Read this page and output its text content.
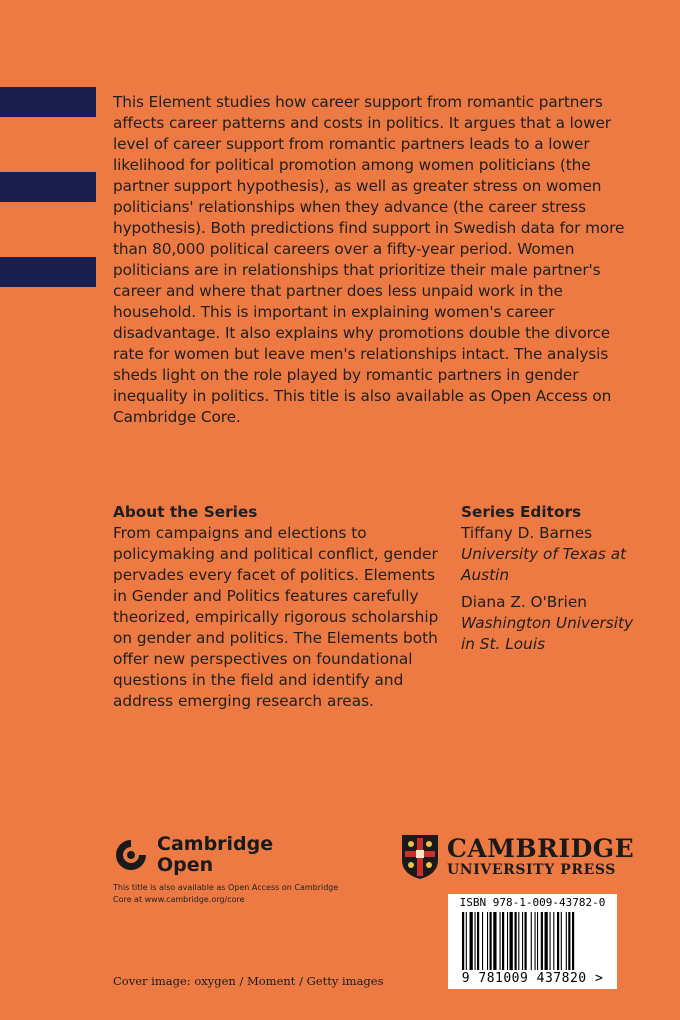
This Element studies how career support from romantic partners affects career patterns and costs in politics. It argues that a lower level of career support from romantic partners leads to a lower likelihood for political promotion among women politicians (the partner support hypothesis), as well as greater stress on women politicians' relationships when they advance (the career stress hypothesis). Both predictions find support in Swedish data for more than 80,000 political careers over a fifty-year period. Women politicians are in relationships that prioritize their male partner's career and where that partner does less unpaid work in the household. This is important in explaining women's career disadvantage. It also explains why promotions double the divorce rate for women but leave men's relationships intact. The analysis sheds light on the role played by romantic partners in gender inequality in politics. This title is also available as Open Access on Cambridge Core.
About the Series

From campaigns and elections to policymaking and political conflict, gender pervades every facet of politics. Elements in Gender and Politics features carefully theorized, empirically rigorous scholarship on gender and politics. The Elements both offer new perspectives on foundational questions in the field and identify and address emerging research areas.

Series Editors
Tiffany D. Barnes
University of Texas at Austin
Diana Z. O'Brien
Washington University in St. Louis
Cambridge
Open
This title is also available as Open Access on Cambridge Core at www.cambridge.org/core
CAMBRIDGE
UNIVERSITY PRESS
ISBN 978-1-009-43782-0
9 781009 437820 >
Cover image: oxygen / Moment / Getty images
